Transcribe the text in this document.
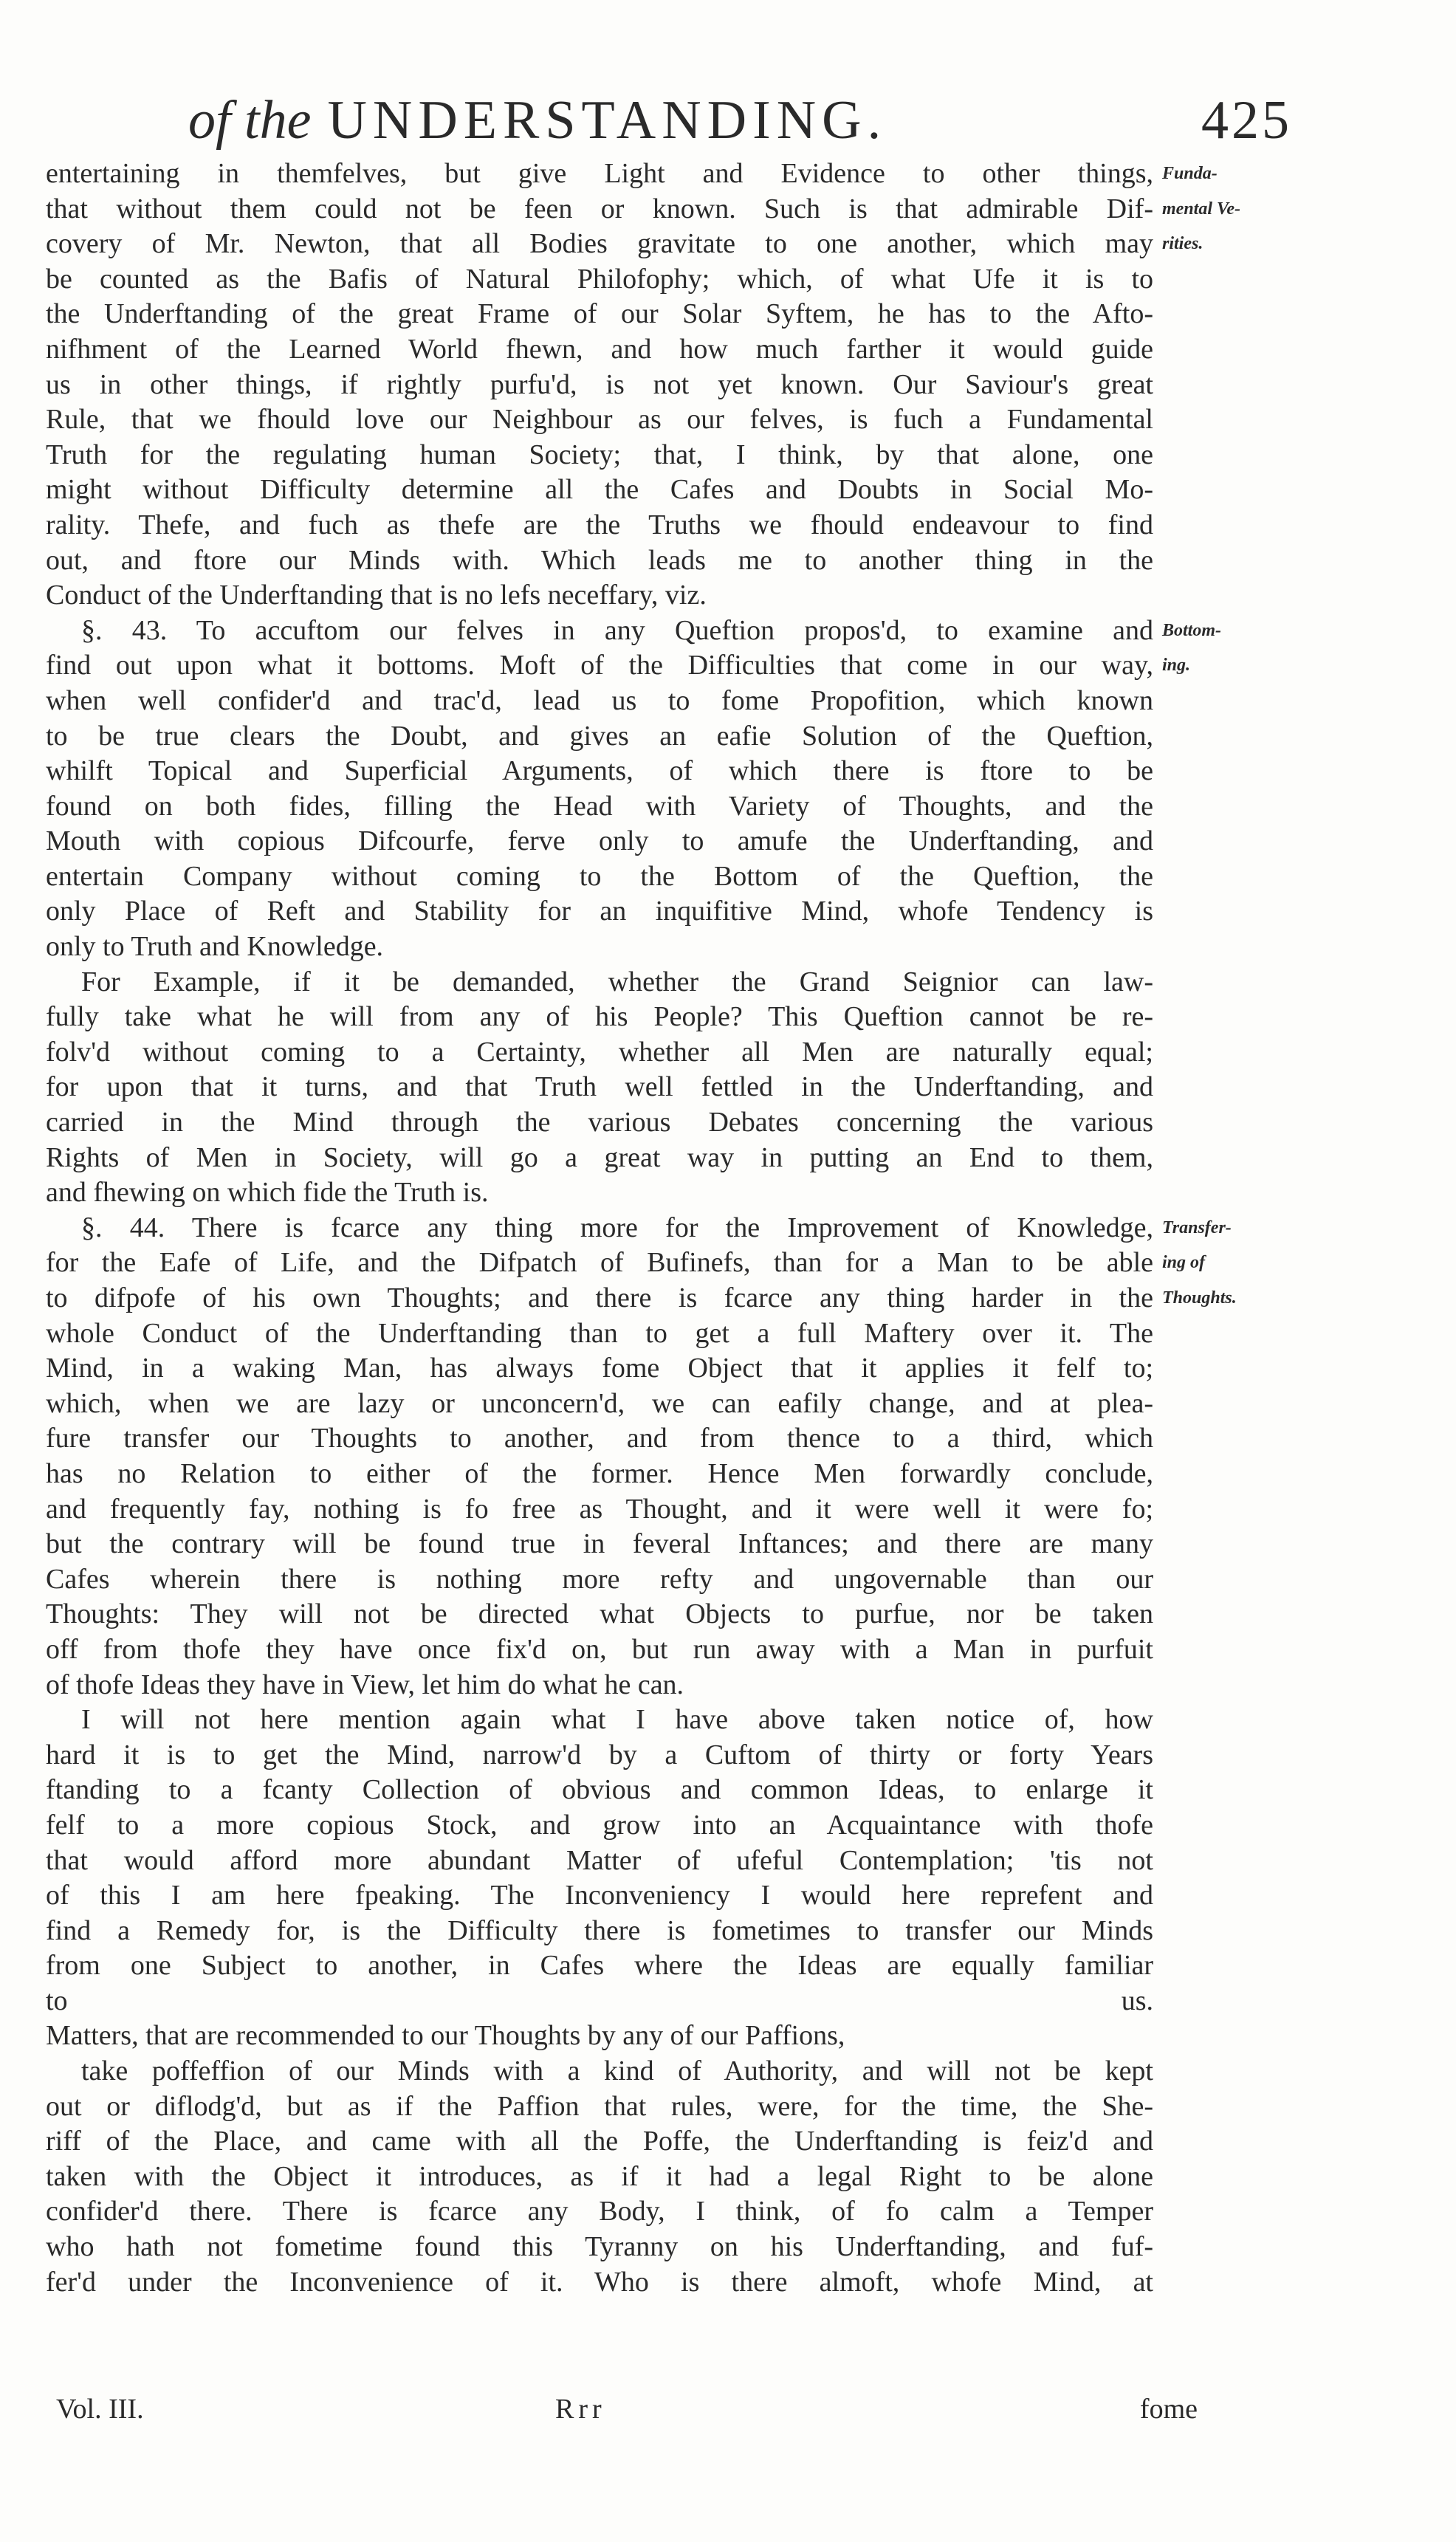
of the UNDERSTANDING.	425
entertaining in themfelves, but give Light and Evidence to other things,
that without them could not be feen or known. Such is that admirable Dif-
covery of Mr. Newton, that all Bodies gravitate to one another, which may
be counted as the Bafis of Natural Philofophy; which, of what Ufe it is to
the Underftanding of the great Frame of our Solar Syftem, he has to the Afto-
nifhment of the Learned World fhewn, and how much farther it would guide
us in other things, if rightly purfu'd, is not yet known. Our Saviour's great
Rule, that we fhould love our Neighbour as our felves, is fuch a Fundamental
Truth for the regulating human Society; that, I think, by that alone, one
might without Difficulty determine all the Cafes and Doubts in Social Mo-
rality. Thefe, and fuch as thefe are the Truths we fhould endeavour to find
out, and ftore our Minds with. Which leads me to another thing in the
Conduct of the Underftanding that is no lefs neceffary, viz.
§. 43. To accuftom our felves in any Queftion propos'd, to examine and
find out upon what it bottoms. Moft of the Difficulties that come in our way,
when well confider'd and trac'd, lead us to fome Propofition, which known
to be true clears the Doubt, and gives an eafie Solution of the Queftion,
whilft Topical and Superficial Arguments, of which there is ftore to be
found on both fides, filling the Head with Variety of Thoughts, and the
Mouth with copious Difcourfe, ferve only to amufe the Underftanding, and
entertain Company without coming to the Bottom of the Queftion, the
only Place of Reft and Stability for an inquifitive Mind, whofe Tendency is
only to Truth and Knowledge.
For Example, if it be demanded, whether the Grand Seignior can law-
fully take what he will from any of his People? This Queftion cannot be re-
folv'd without coming to a Certainty, whether all Men are naturally equal;
for upon that it turns, and that Truth well fettled in the Underftanding, and
carried in the Mind through the various Debates concerning the various
Rights of Men in Society, will go a great way in putting an End to them,
and fhewing on which fide the Truth is.
§. 44. There is fcarce any thing more for the Improvement of Knowledge,
for the Eafe of Life, and the Difpatch of Bufinefs, than for a Man to be able
to difpofe of his own Thoughts; and there is fcarce any thing harder in the
whole Conduct of the Underftanding than to get a full Maftery over it. The
Mind, in a waking Man, has always fome Object that it applies it felf to;
which, when we are lazy or unconcern'd, we can eafily change, and at plea-
fure transfer our Thoughts to another, and from thence to a third, which
has no Relation to either of the former. Hence Men forwardly conclude,
and frequently fay, nothing is fo free as Thought, and it were well it were fo;
but the contrary will be found true in feveral Inftances; and there are many
Cafes wherein there is nothing more refty and ungovernable than our
Thoughts: They will not be directed what Objects to purfue, nor be taken
off from thofe they have once fix'd on, but run away with a Man in purfuit
of thofe Ideas they have in View, let him do what he can.
I will not here mention again what I have above taken notice of, how
hard it is to get the Mind, narrow'd by a Cuftom of thirty or forty Years
ftanding to a fcanty Collection of obvious and common Ideas, to enlarge it
felf to a more copious Stock, and grow into an Acquaintance with thofe
that would afford more abundant Matter of ufeful Contemplation; 'tis not
of this I am here fpeaking. The Inconveniency I would here reprefent and
find a Remedy for, is the Difficulty there is fometimes to transfer our Minds
from one Subject to another, in Cafes where the Ideas are equally familiar
to us.
Matters, that are recommended to our Thoughts by any of our Paffions,
take poffeffion of our Minds with a kind of Authority, and will not be kept
out or diflodg'd, but as if the Paffion that rules, were, for the time, the She-
riff of the Place, and came with all the Poffe, the Underftanding is feiz'd and
taken with the Object it introduces, as if it had a legal Right to be alone
confider'd there. There is fcarce any Body, I think, of fo calm a Temper
who hath not fometime found this Tyranny on his Underftanding, and fuf-
fer'd under the Inconvenience of it. Who is there almoft, whofe Mind, at
Funda-
mental Ve-
rities.
Bottom-
ing.
Transfer-
ing of
Thoughts.
Vol. III.	Rrr	fome
